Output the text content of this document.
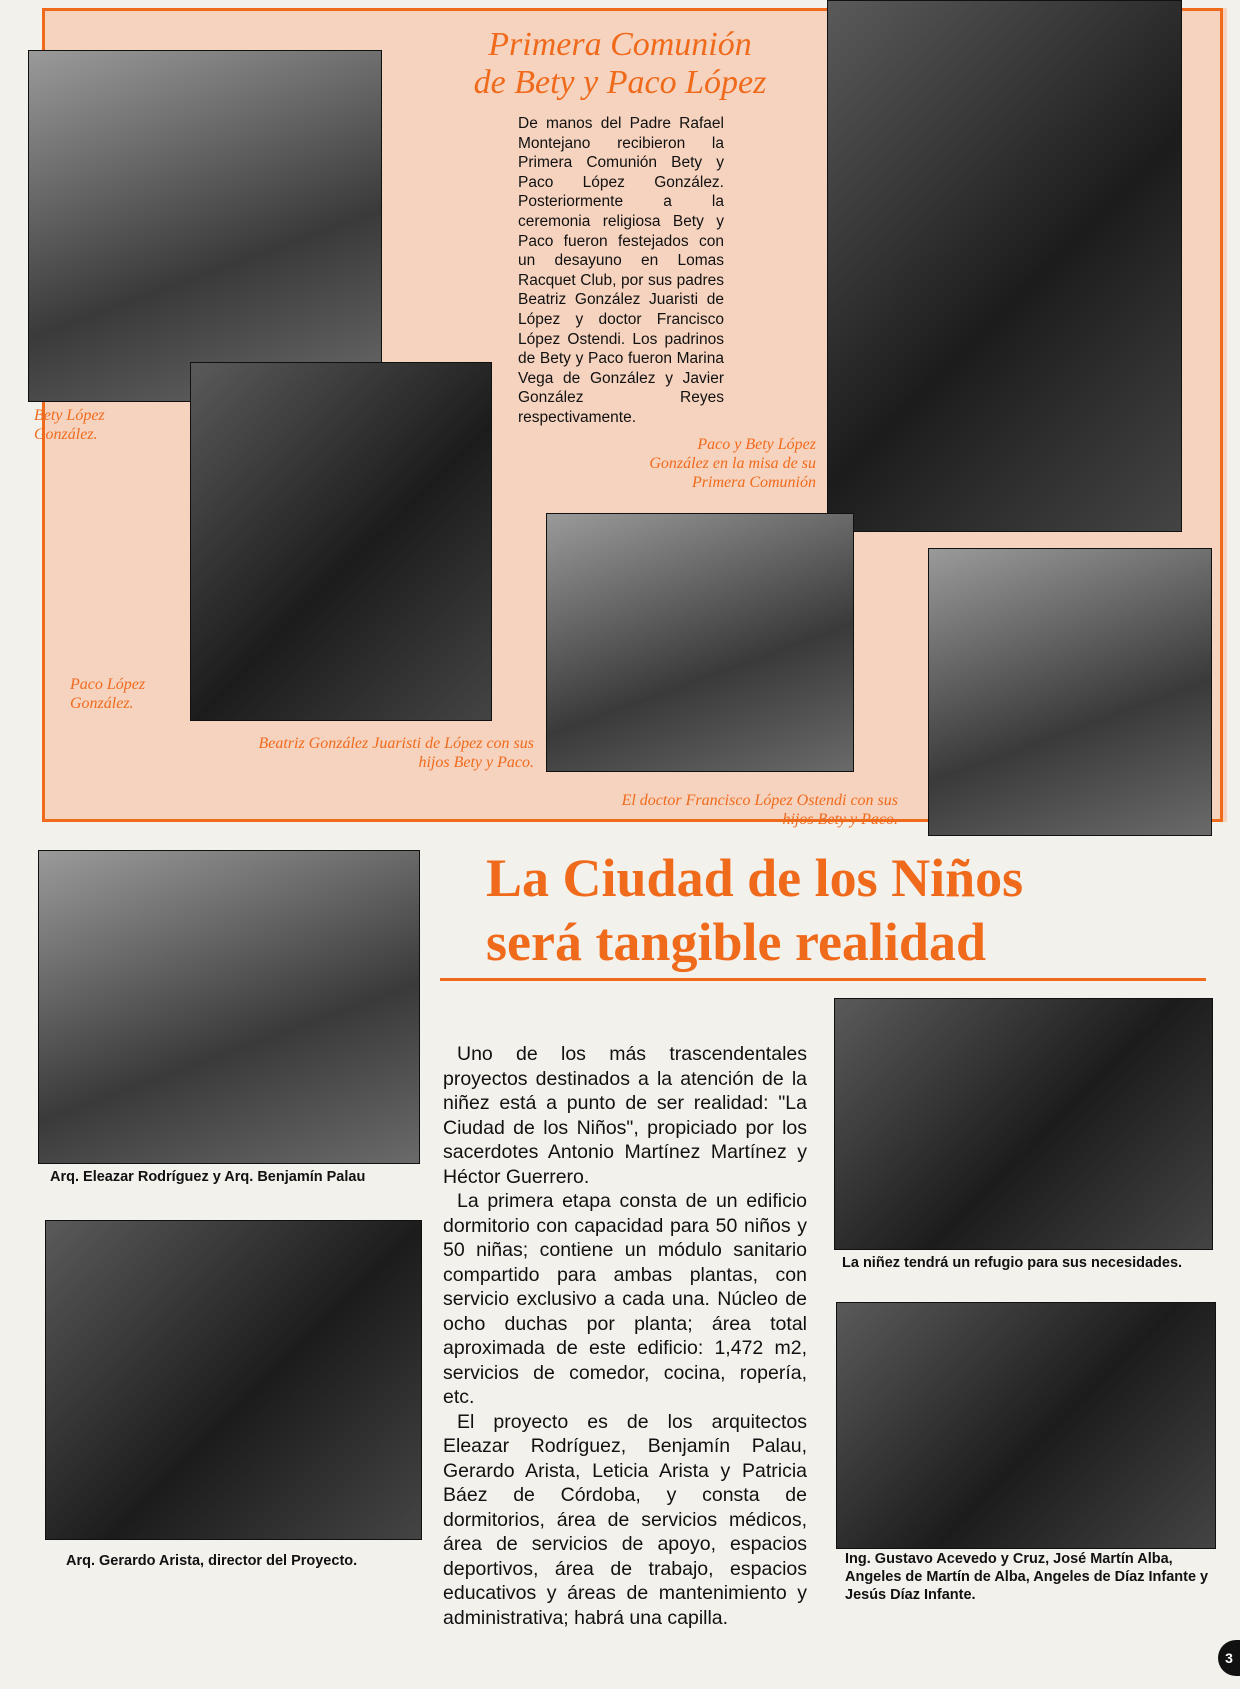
Primera Comunión
de Bety y Paco López
De manos del Padre Rafael Montejano recibieron la Primera Comunión Bety y Paco López González. Posteriormente a la ceremonia religiosa Bety y Paco fueron festejados con un desayuno en Lomas Racquet Club, por sus padres Beatriz González Juaristi de López y doctor Francisco López Ostendi. Los padrinos de Bety y Paco fueron Marina Vega de González y Javier González Reyes respectivamente.
Bety López González.
Paco y Bety López González en la misa de su Primera Comunión
Paco López González.
Beatriz González Juaristi de López con sus hijos Bety y Paco.
El doctor Francisco López Ostendi con sus hijos Bety y Paco.
Arq. Eleazar Rodríguez y Arq. Benjamín Palau
Arq. Gerardo Arista, director del Proyecto.
La Ciudad de los Niños
será tangible realidad
Uno de los más trascendentales proyectos destinados a la atención de la niñez está a punto de ser realidad: "La Ciudad de los Niños", propiciado por los sacerdotes Antonio Martínez Martínez y Héctor Guerrero.
La primera etapa consta de un edificio dormitorio con capacidad para 50 niños y 50 niñas; contiene un módulo sanitario compartido para ambas plantas, con servicio exclusivo a cada una. Núcleo de ocho duchas por planta; área total aproximada de este edificio: 1,472 m2, servicios de comedor, cocina, ropería, etc.
El proyecto es de los arquitectos Eleazar Rodríguez, Benjamín Palau, Gerardo Arista, Leticia Arista y Patricia Báez de Córdoba, y consta de dormitorios, área de servicios médicos, área de servicios de apoyo, espacios deportivos, área de trabajo, espacios educativos y áreas de mantenimiento y administrativa; habrá una capilla.
La niñez tendrá un refugio para sus necesidades.
Ing. Gustavo Acevedo y Cruz, José Martín Alba, Angeles de Martín de Alba, Angeles de Díaz Infante y Jesús Díaz Infante.
3
